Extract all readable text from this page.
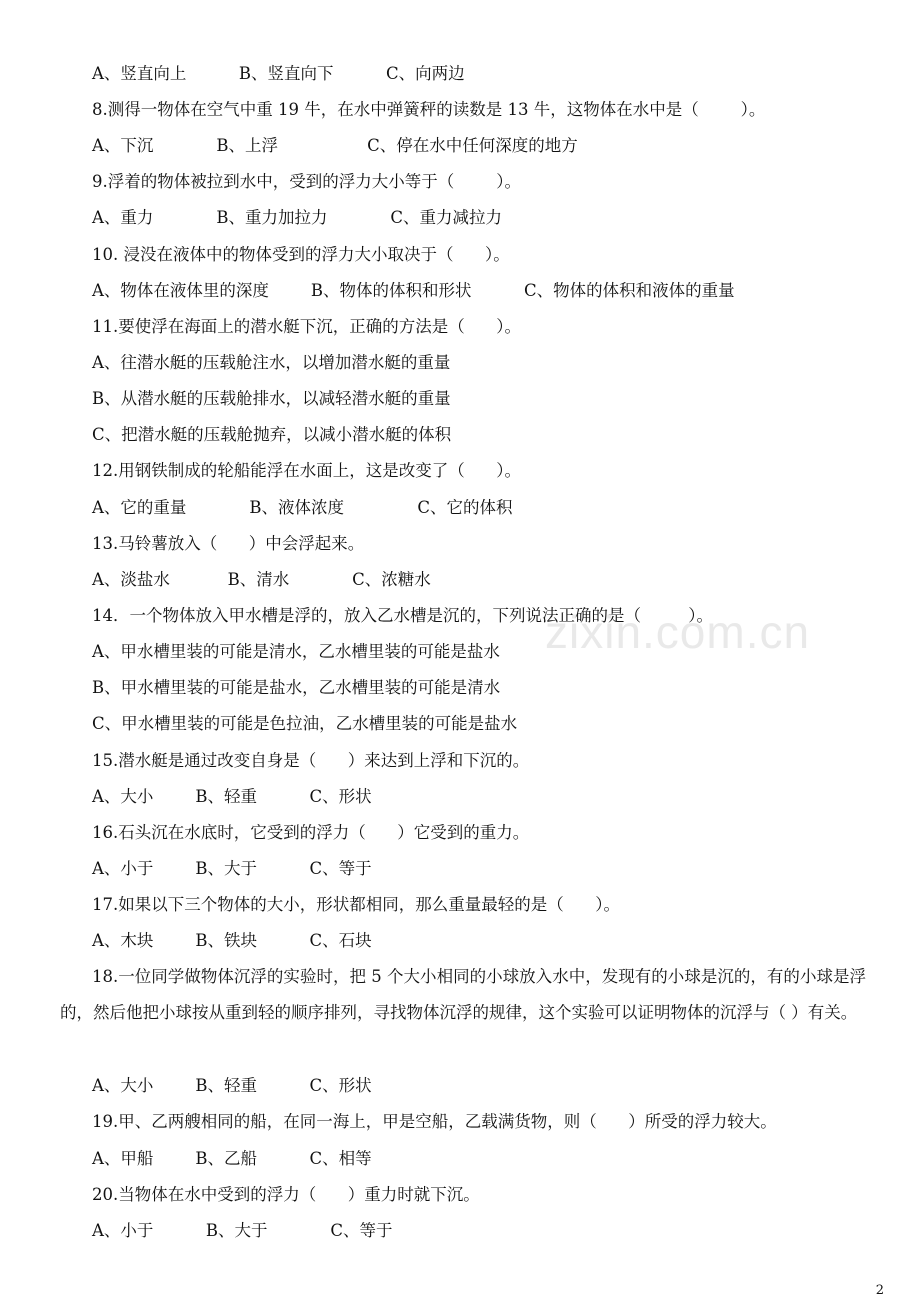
A、竖直向上          B、竖直向下          C、向两边
8.测得一物体在空气中重 19 牛，在水中弹簧秤的读数是 13 牛，这物体在水中是（        ）。
A、下沉            B、上浮                 C、停在水中任何深度的地方
9.浮着的物体被拉到水中，受到的浮力大小等于（        ）。
A、重力            B、重力加拉力            C、重力减拉力
10. 浸没在液体中的物体受到的浮力大小取决于（      ）。
A、物体在液体里的深度        B、物体的体积和形状          C、物体的体积和液体的重量
11.要使浮在海面上的潜水艇下沉，正确的方法是（      ）。
A、往潜水艇的压载舱注水，以增加潜水艇的重量
B、从潜水艇的压载舱排水，以减轻潜水艇的重量
C、把潜水艇的压载舱抛弃，以减小潜水艇的体积
12.用钢铁制成的轮船能浮在水面上，这是改变了（      ）。
A、它的重量            B、液体浓度              C、它的体积
13.马铃薯放入（      ）中会浮起来。
A、淡盐水           B、清水            C、浓糖水
14．一个物体放入甲水槽是浮的，放入乙水槽是沉的，下列说法正确的是（         ）。
A、甲水槽里装的可能是清水，乙水槽里装的可能是盐水
B、甲水槽里装的可能是盐水，乙水槽里装的可能是清水
C、甲水槽里装的可能是色拉油，乙水槽里装的可能是盐水
15.潜水艇是通过改变自身是（      ）来达到上浮和下沉的。
A、大小        B、轻重          C、形状
16.石头沉在水底时，它受到的浮力（      ）它受到的重力。
A、小于        B、大于          C、等于
17.如果以下三个物体的大小，形状都相同，那么重量最轻的是（      ）。
A、木块        B、铁块          C、石块
18.一位同学做物体沉浮的实验时，把 5 个大小相同的小球放入水中，发现有的小球是沉的，有的小球是浮的，然后他把小球按从重到轻的顺序排列，寻找物体沉浮的规律，这个实验可以证明物体的沉浮与（ ）有关。
A、大小        B、轻重          C、形状
19.甲、乙两艘相同的船，在同一海上，甲是空船，乙载满货物，则（      ）所受的浮力较大。
A、甲船        B、乙船          C、相等
20.当物体在水中受到的浮力（      ）重力时就下沉。
A、小于          B、大于            C、等于
zixin.com.cn
2
